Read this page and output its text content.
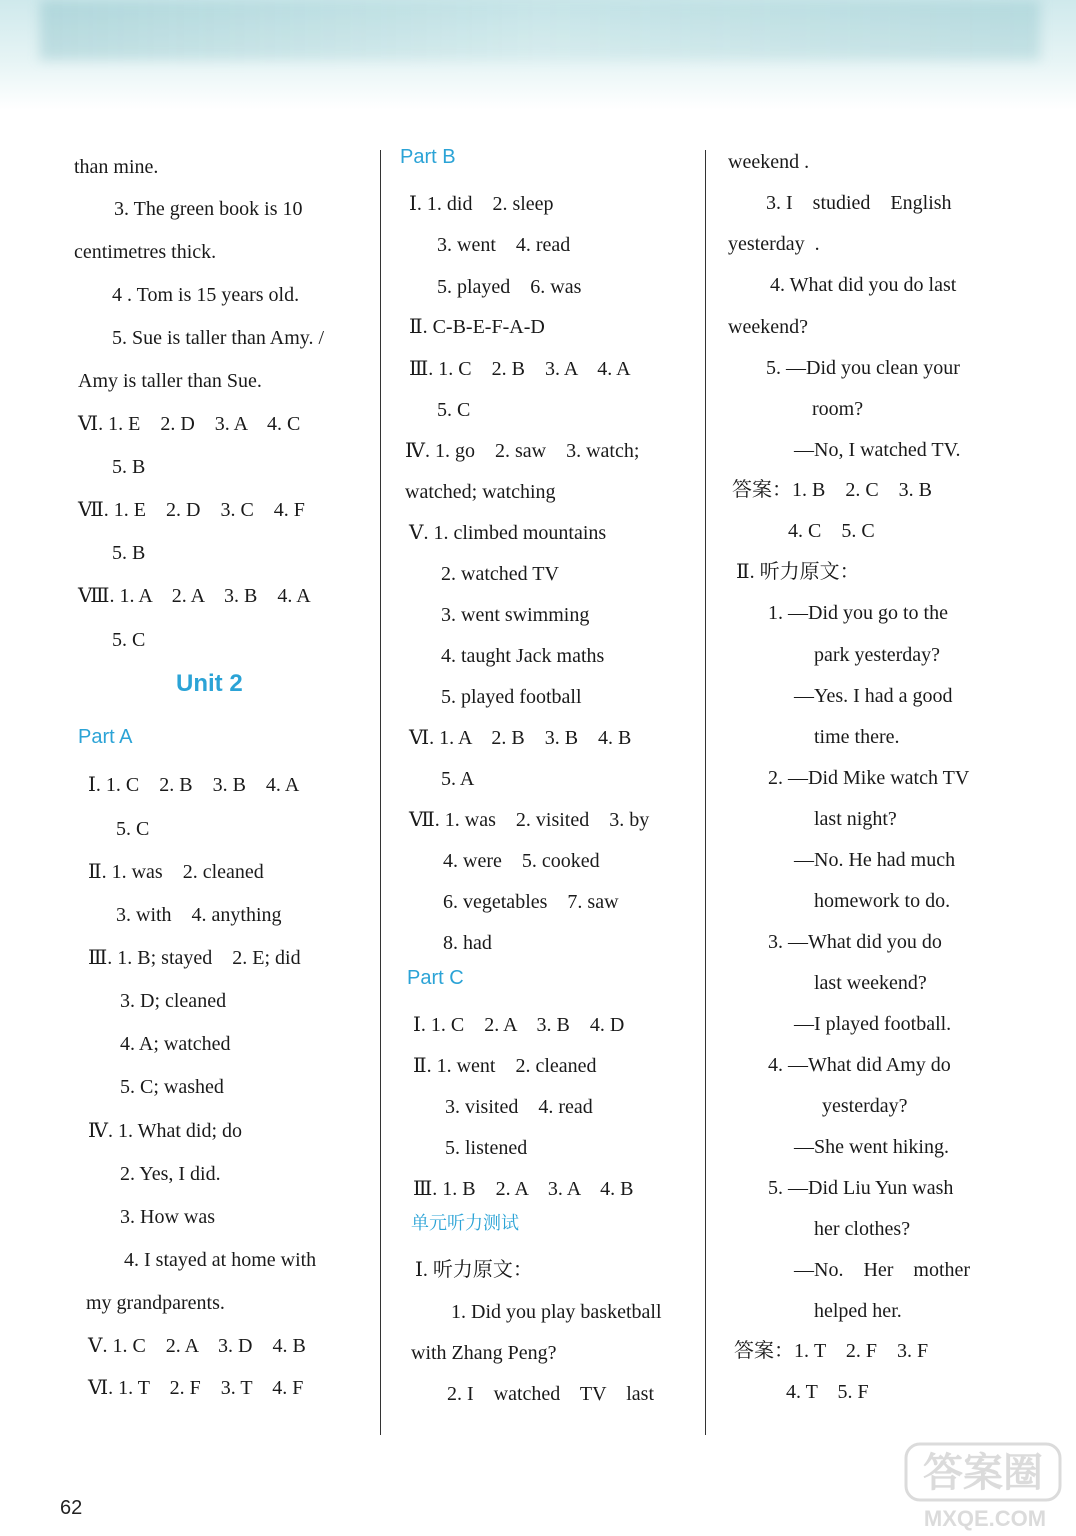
than mine.
3. The green book is 10
centimetres thick.
4 . Tom is 15 years old.
5. Sue is taller than Amy. /
Amy is taller than Sue.
Ⅵ. 1. E    2. D    3. A    4. C
5. B
Ⅶ. 1. E    2. D    3. C    4. F
5. B
Ⅷ. 1. A    2. A    3. B    4. A
5. C
Unit 2
Part A
Ⅰ. 1. C    2. B    3. B    4. A
5. C
Ⅱ. 1. was    2. cleaned
3. with    4. anything
Ⅲ. 1. B; stayed    2. E; did
3. D; cleaned
4. A; watched
5. C; washed
Ⅳ. 1. What did; do
2. Yes, I did.
3. How was
4. I stayed at home with
my grandparents.
Ⅴ. 1. C    2. A    3. D    4. B
Ⅵ. 1. T    2. F    3. T    4. F
Part B
Ⅰ. 1. did    2. sleep
3. went    4. read
5. played    6. was
Ⅱ. C-B-E-F-A-D
Ⅲ. 1. C    2. B    3. A    4. A
5. C
Ⅳ. 1. go    2. saw    3. watch;
watched; watching
Ⅴ. 1. climbed mountains
2. watched TV
3. went swimming
4. taught Jack maths
5. played football
Ⅵ. 1. A    2. B    3. B    4. B
5. A
Ⅶ. 1. was    2. visited    3. by
4. were    5. cooked
6. vegetables    7. saw
8. had
Part C
Ⅰ. 1. C    2. A    3. B    4. D
Ⅱ. 1. went    2. cleaned
3. visited    4. read
5. listened
Ⅲ. 1. B    2. A    3. A    4. B
单元听力测试
Ⅰ. 听力原文：
1. Did you play basketball
with Zhang Peng?
2. I    watched    TV    last
weekend .
3. I    studied    English
yesterday  .
4. What did you do last
weekend?
5. —Did you clean your
room?
—No, I watched TV.
答案：1. B    2. C    3. B
4. C    5. C
Ⅱ. 听力原文：
1. —Did you go to the
park yesterday?
—Yes. I had a good
time there.
2. —Did Mike watch TV
last night?
—No. He had much
homework to do.
3. —What did you do
last weekend?
—I played football.
4. —What did Amy do
yesterday?
—She went hiking.
5. —Did Liu Yun wash
her clothes?
—No.    Her    mother
helped her.
答案：1. T    2. F    3. F
4. T    5. F
62
答案圈
MXQE.COM
